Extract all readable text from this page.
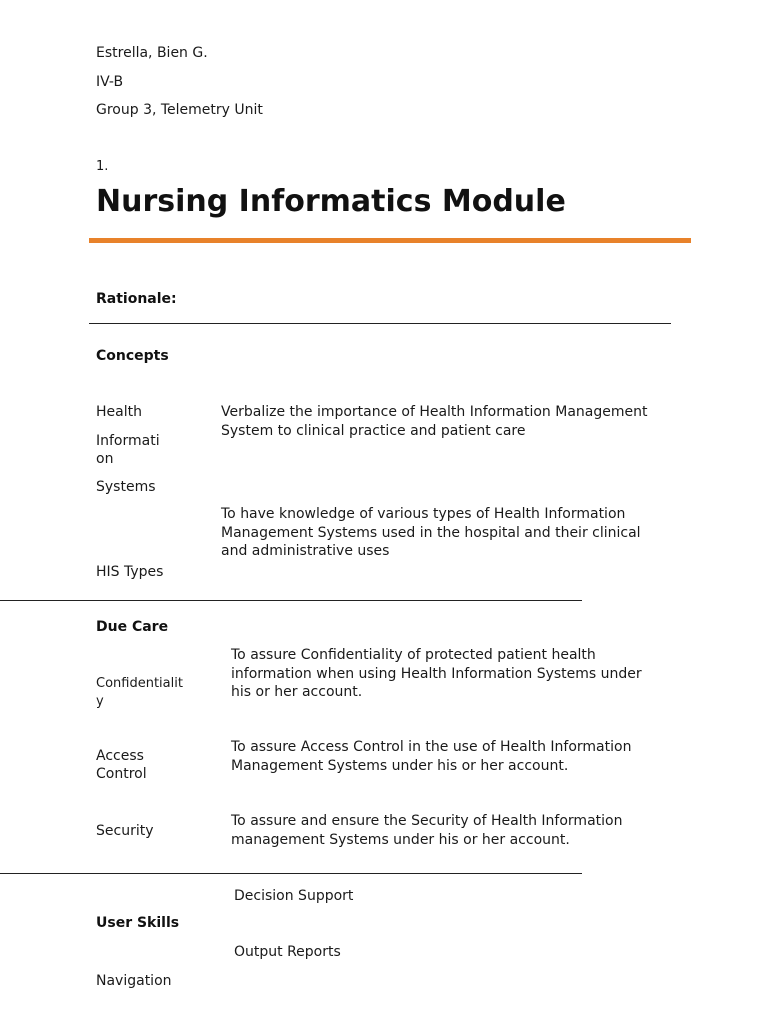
Estrella, Bien G.
IV-B
Group 3, Telemetry Unit
1.
Nursing Informatics Module
Rationale:
Concepts
Health
Informati
on
Systems
Verbalize the importance of Health Information Management System to clinical practice and patient care
To have knowledge of various types of Health Information Management Systems used in the hospital and their clinical and administrative uses
HIS Types
Due Care
To assure Confidentiality of protected patient health information when using Health Information Systems under his or her account.
Confidentialit
y
Access
Control
To assure Access Control in the use of Health Information Management Systems under his or her account.
Security
To assure and ensure the Security of Health Information management Systems under his or her account.
Decision Support
User Skills
Output Reports
Navigation
